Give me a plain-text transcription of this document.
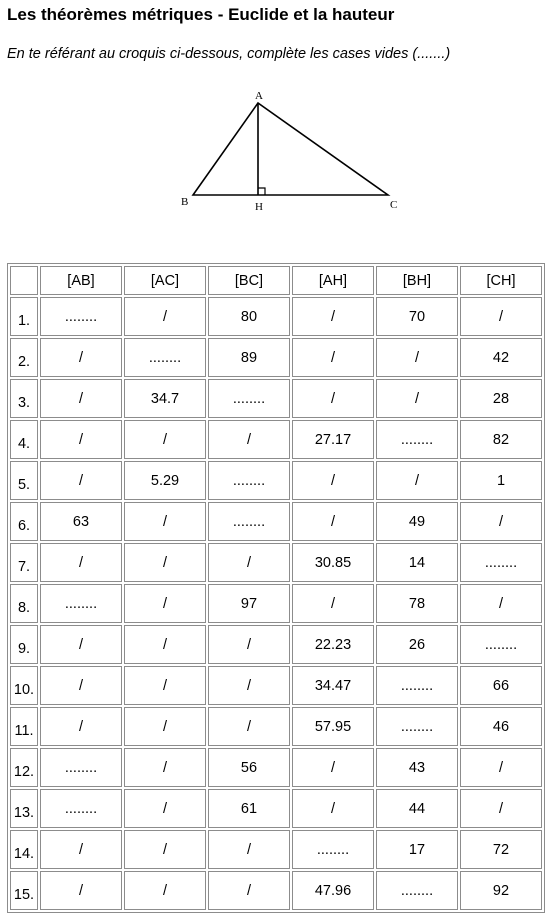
Les théorèmes métriques - Euclide et la hauteur

En te référant au croquis ci-dessous, complète les cases vides (.......)

A
B	C
H
	[AB]	[AC]	[BC]	[AH]	[BH]	[CH]
1.	........	/	80	/	70	/
2.	/	........	89	/	/	42
3.	/	34.7	........	/	/	28
4.	/	/	/	27.17	........	82
5.	/	5.29	........	/	/	1
6.	63	/	........	/	49	/
7.	/	/	/	30.85	14	........
8.	........	/	97	/	78	/
9.	/	/	/	22.23	26	........
10.	/	/	/	34.47	........	66
11.	/	/	/	57.95	........	46
12.	........	/	56	/	43	/
13.	........	/	61	/	44	/
14.	/	/	/	........	17	72
15.	/	/	/	47.96	........	92
